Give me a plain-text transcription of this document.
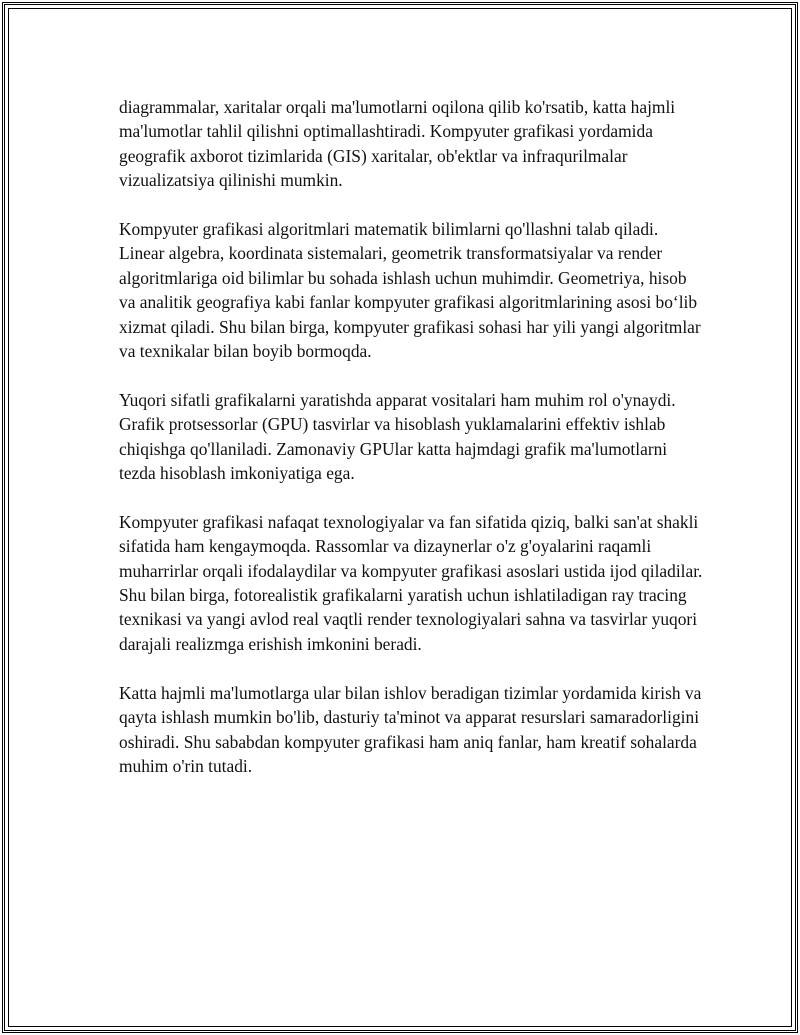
diagrammalar, xaritalar orqali ma'lumotlarni oqilona qilib ko'rsatib, katta hajmli ma'lumotlar tahlil qilishni optimallashtiradi. Kompyuter grafikasi yordamida geografik axborot tizimlarida (GIS) xaritalar, ob'ektlar va infraqurilmalar vizualizatsiya qilinishi mumkin.

Kompyuter grafikasi algoritmlari matematik bilimlarni qo'llashni talab qiladi. Linear algebra, koordinata sistemalari, geometrik transformatsiyalar va render algoritmlariga oid bilimlar bu sohada ishlash uchun muhimdir. Geometriya, hisob va analitik geografiya kabi fanlar kompyuter grafikasi algoritmlarining asosi bo‘lib xizmat qiladi. Shu bilan birga, kompyuter grafikasi sohasi har yili yangi algoritmlar va texnikalar bilan boyib bormoqda.

Yuqori sifatli grafikalarni yaratishda apparat vositalari ham muhim rol o'ynaydi. Grafik protsessorlar (GPU) tasvirlar va hisoblash yuklamalarini effektiv ishlab chiqishga qo'llaniladi. Zamonaviy GPUlar katta hajmdagi grafik ma'lumotlarni tezda hisoblash imkoniyatiga ega.

Kompyuter grafikasi nafaqat texnologiyalar va fan sifatida qiziq, balki san'at shakli sifatida ham kengaymoqda. Rassomlar va dizaynerlar o'z g'oyalarini raqamli muharrirlar orqali ifodalaydilar va kompyuter grafikasi asoslari ustida ijod qiladilar. Shu bilan birga, fotorealistik grafikalarni yaratish uchun ishlatiladigan ray tracing texnikasi va yangi avlod real vaqtli render texnologiyalari sahna va tasvirlar yuqori darajali realizmga erishish imkonini beradi.

Katta hajmli ma'lumotlarga ular bilan ishlov beradigan tizimlar yordamida kirish va qayta ishlash mumkin bo'lib, dasturiy ta'minot va apparat resurslari samaradorligini oshiradi. Shu sababdan kompyuter grafikasi ham aniq fanlar, ham kreatif sohalarda muhim o'rin tutadi.
